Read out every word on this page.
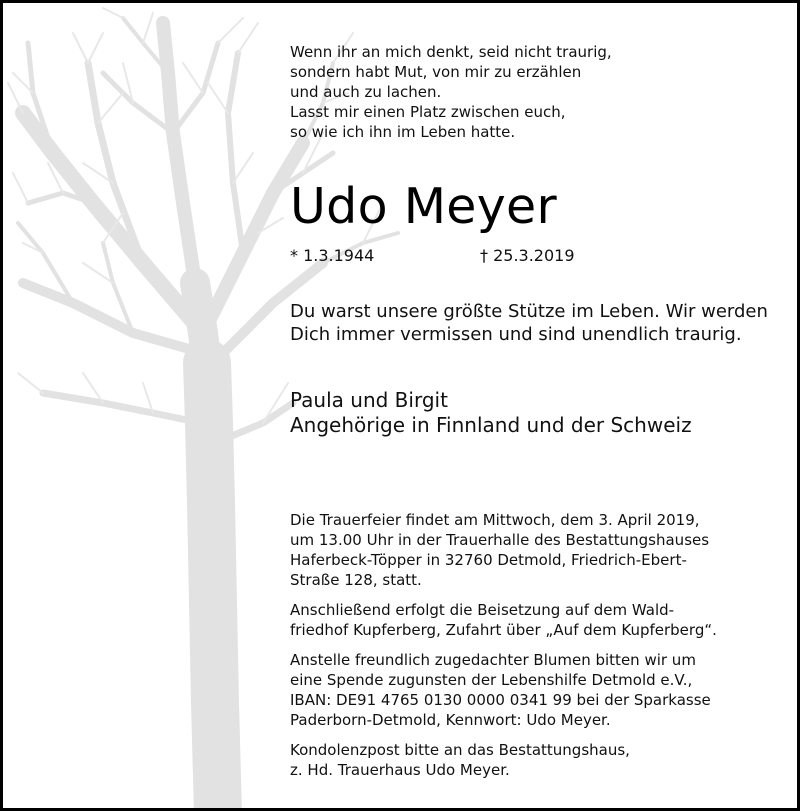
Wenn ihr an mich denkt, seid nicht traurig,
sondern habt Mut, von mir zu erzählen
und auch zu lachen.
Lasst mir einen Platz zwischen euch,
so wie ich ihn im Leben hatte.
Udo Meyer
* 1.3.1944	† 25.3.2019
Du warst unsere größte Stütze im Leben. Wir werden
Dich immer vermissen und sind unendlich traurig.
Paula und Birgit
Angehörige in Finnland und der Schweiz
Die Trauerfeier findet am Mittwoch, dem 3. April 2019,
um 13.00 Uhr in der Trauerhalle des Bestattungshauses
Haferbeck-Töpper in 32760 Detmold, Friedrich-Ebert-
Straße 128, statt.
Anschließend erfolgt die Beisetzung auf dem Wald-
friedhof Kupferberg, Zufahrt über „Auf dem Kupferberg“.
Anstelle freundlich zugedachter Blumen bitten wir um
eine Spende zugunsten der Lebenshilfe Detmold e.V.,
IBAN: DE91 4765 0130 0000 0341 99 bei der Sparkasse
Paderborn-Detmold, Kennwort: Udo Meyer.
Kondolenzpost bitte an das Bestattungshaus,
z. Hd. Trauerhaus Udo Meyer.
